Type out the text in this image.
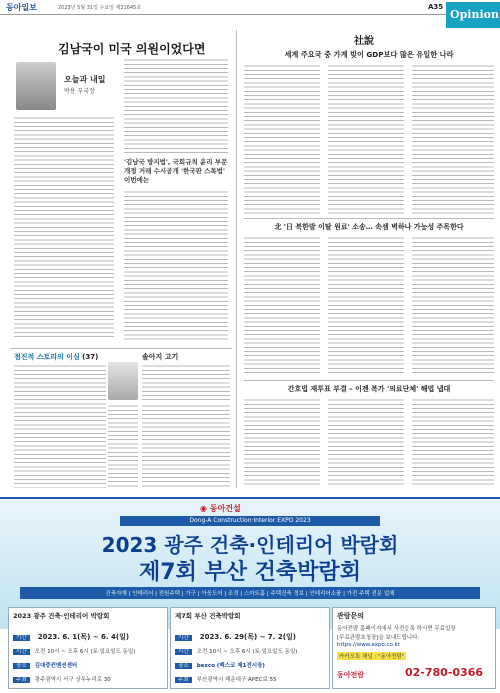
동아일보	2023년 5월 31일 수요일 제31645호	A35
Opinion
김남국이 미국 의원이었다면
오늘과 내일
박용 부국장
'김남국 방지법', 국회규칙 윤리 부문 개정 거래 수시공개 '한국판 스톡법' 이번에는
점진적 스토리의 이심 (37)	솔아지 고기
社說
세계 주요국 중 가계 빚이 GDP보다 많은 유일한 나라
北 '日 북한발 이탈 원료' 소송… 속셈 벽하나 가능성 주목한다
간호법 재투표 부결 – 이젠 복가 '의료단체' 해법 냅대
◉ 동아건설
Dong-A Construction·Interior EXPO 2023
2023 광주 건축·인테리어 박람회
제7회 부산 건축박람회
건축자재 | 인테리어 | 전원주택 | 가구 | 아웃도어 | 조경 | 스마트홈 | 주택건축 정보 | 인테리어소품 | 가전·주택 전문 업체
2023 광주 건축·인테리어 박람회
기간 2023. 6. 1(목) ~ 6. 4(일)
시간 오전 10시 ~ 오후 6시 (토·일요일도 동일)
장소 김대중컨벤션센터
주최 광주광역시 서구 상무누리로 30
제7회 부산 건축박람회
기간 2023. 6. 29(목) ~ 7. 2(일)
시간 오전 10시 ~ 오후 6시 (토·일요일도 동일)
장소 bexco (벡스코 제1전시장)
주최 부산광역시 해운대구 APEC로 55
관람문의
동아전람 홈페이지에서 사전등록 하시면 무료입장
[무료관람초청장]을 보내드립니다.
https://www.expo.co.kr
카카오톡 채널 : "동아전람"
동아전람	02-780-0366
